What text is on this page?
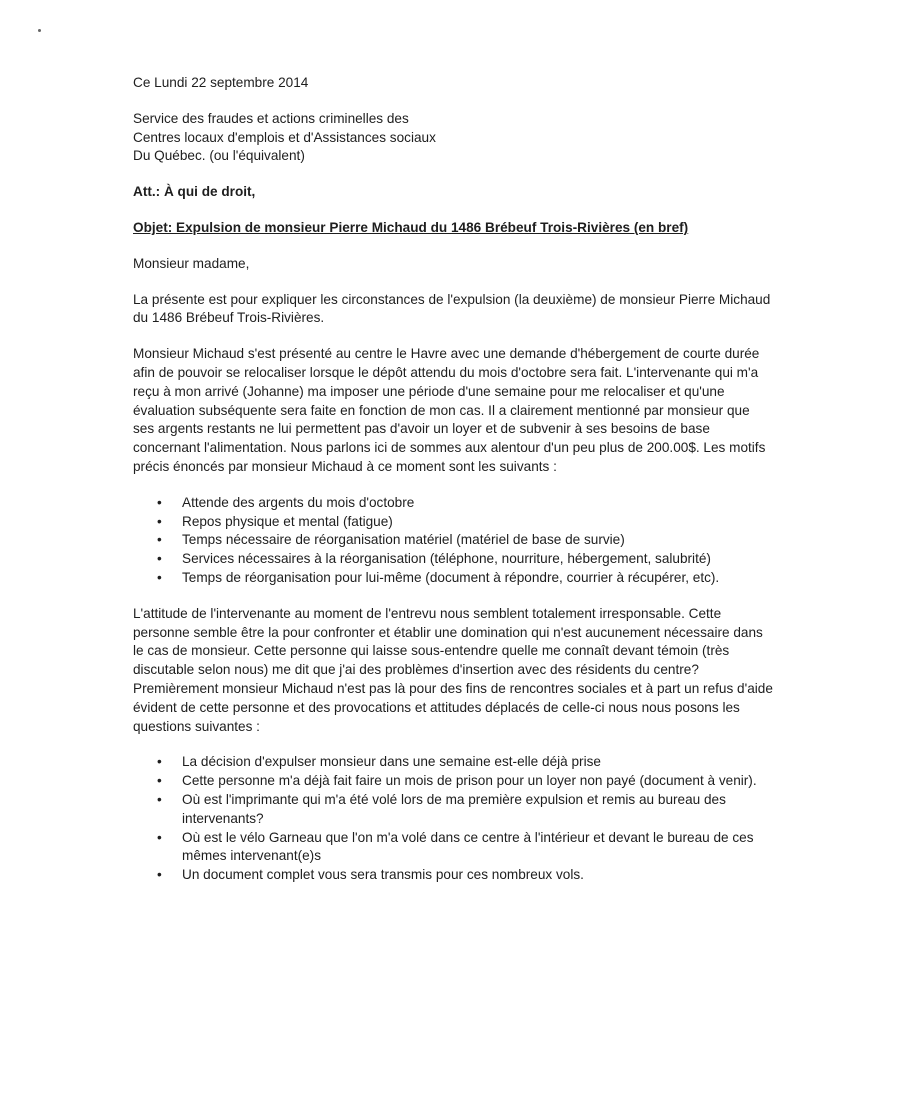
Ce Lundi 22 septembre 2014

Service des fraudes et actions criminelles des

Centres locaux d'emplois et d'Assistances sociaux

Du Québec. (ou l'équivalent)

Att.: À qui de droit,

Objet: Expulsion de monsieur Pierre Michaud du 1486 Brébeuf Trois-Rivières (en bref)

Monsieur madame,

La présente est pour expliquer les circonstances de l'expulsion (la deuxième) de monsieur Pierre Michaud du 1486 Brébeuf Trois-Rivières.

Monsieur Michaud s'est présenté au centre le Havre avec une demande d'hébergement de courte durée afin de pouvoir se relocaliser lorsque le dépôt attendu du mois d'octobre sera fait. L'intervenante qui m'a reçu à mon arrivé (Johanne) ma imposer une période d'une semaine pour me relocaliser et qu'une évaluation subséquente sera faite en fonction de mon cas. Il a clairement mentionné par monsieur que ses argents restants ne lui permettent pas d'avoir un loyer et de subvenir à ses besoins de base concernant l'alimentation. Nous parlons ici de sommes aux alentour d'un peu plus de 200.00$. Les motifs précis énoncés par monsieur Michaud à ce moment sont les suivants :

• Attende des argents du mois d'octobre
• Repos physique et mental (fatigue)
• Temps nécessaire de réorganisation matériel (matériel de base de survie)
• Services nécessaires à la réorganisation (téléphone, nourriture, hébergement, salubrité)
• Temps de réorganisation pour lui-même (document à répondre, courrier à récupérer, etc).

L'attitude de l'intervenante au moment de l'entrevu nous semblent totalement irresponsable. Cette personne semble être la pour confronter et établir une domination qui n'est aucunement nécessaire dans le cas de monsieur. Cette personne qui laisse sous-entendre quelle me connaît devant témoin (très discutable selon nous) me dit que j'ai des problèmes d'insertion avec des résidents du centre? Premièrement monsieur Michaud n'est pas là pour des fins de rencontres sociales et à part un refus d'aide évident de cette personne et des provocations et attitudes déplacés de celle-ci nous nous posons les questions suivantes :

• La décision d'expulser monsieur dans une semaine est-elle déjà prise
• Cette personne m'a déjà fait faire un mois de prison pour un loyer non payé (document à venir).
• Où est l'imprimante qui m'a été volé lors de ma première expulsion et remis au bureau des intervenants?
• Où est le vélo Garneau que l'on m'a volé dans ce centre à l'intérieur et devant le bureau de ces mêmes intervenant(e)s
• Un document complet vous sera transmis pour ces nombreux vols.
